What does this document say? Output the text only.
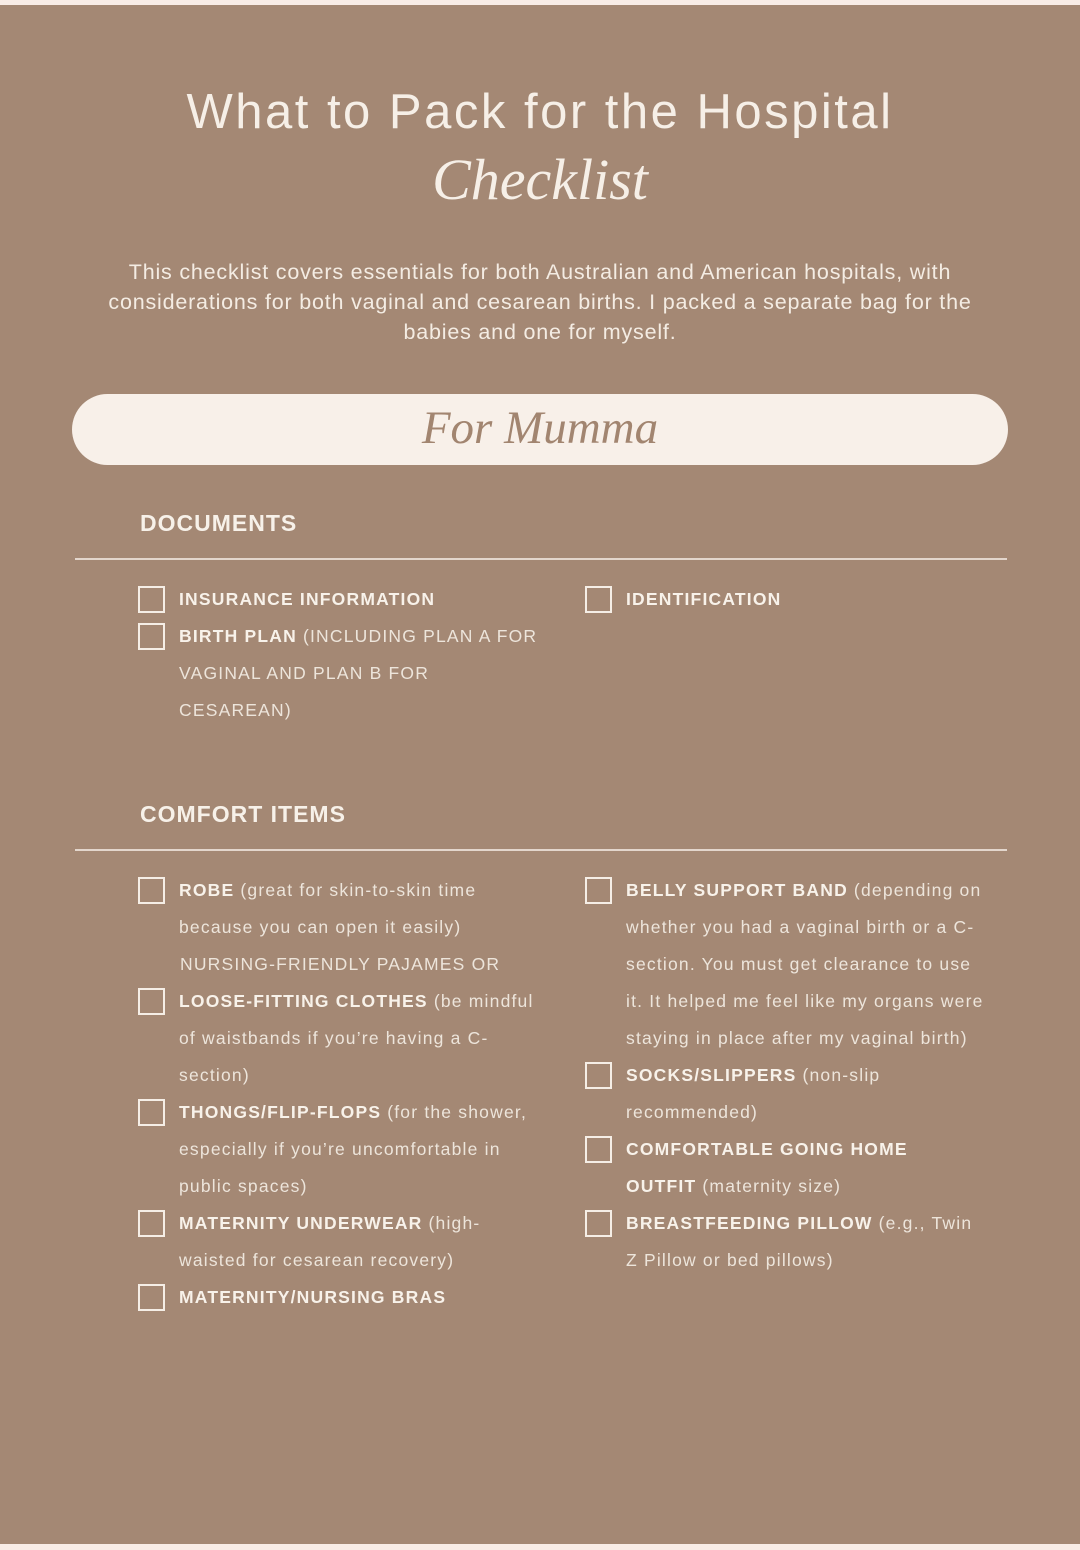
What to Pack for the Hospital
Checklist

This checklist covers essentials for both Australian and American hospitals, with considerations for both vaginal and cesarean births. I packed a separate bag for the babies and one for myself.

For Mumma
DOCUMENTS

INSURANCE INFORMATION

BIRTH PLAN (INCLUDING PLAN A FOR VAGINAL AND PLAN B FOR CESAREAN)

IDENTIFICATION

COMFORT ITEMS

ROBE (great for skin-to-skin time because you can open it easily)

NURSING-FRIENDLY PAJAMES OR

LOOSE-FITTING CLOTHES (be mindful of waistbands if you’re having a C-section)

THONGS/FLIP-FLOPS (for the shower, especially if you’re uncomfortable in public spaces)

MATERNITY UNDERWEAR (high-waisted for cesarean recovery)

MATERNITY/NURSING BRAS

BELLY SUPPORT BAND (depending on whether you had a vaginal birth or a C-section. You must get clearance to use it. It helped me feel like my organs were staying in place after my vaginal birth)

SOCKS/SLIPPERS (non-slip recommended)

COMFORTABLE GOING HOME OUTFIT (maternity size)

BREASTFEEDING PILLOW (e.g., Twin Z Pillow or bed pillows)
